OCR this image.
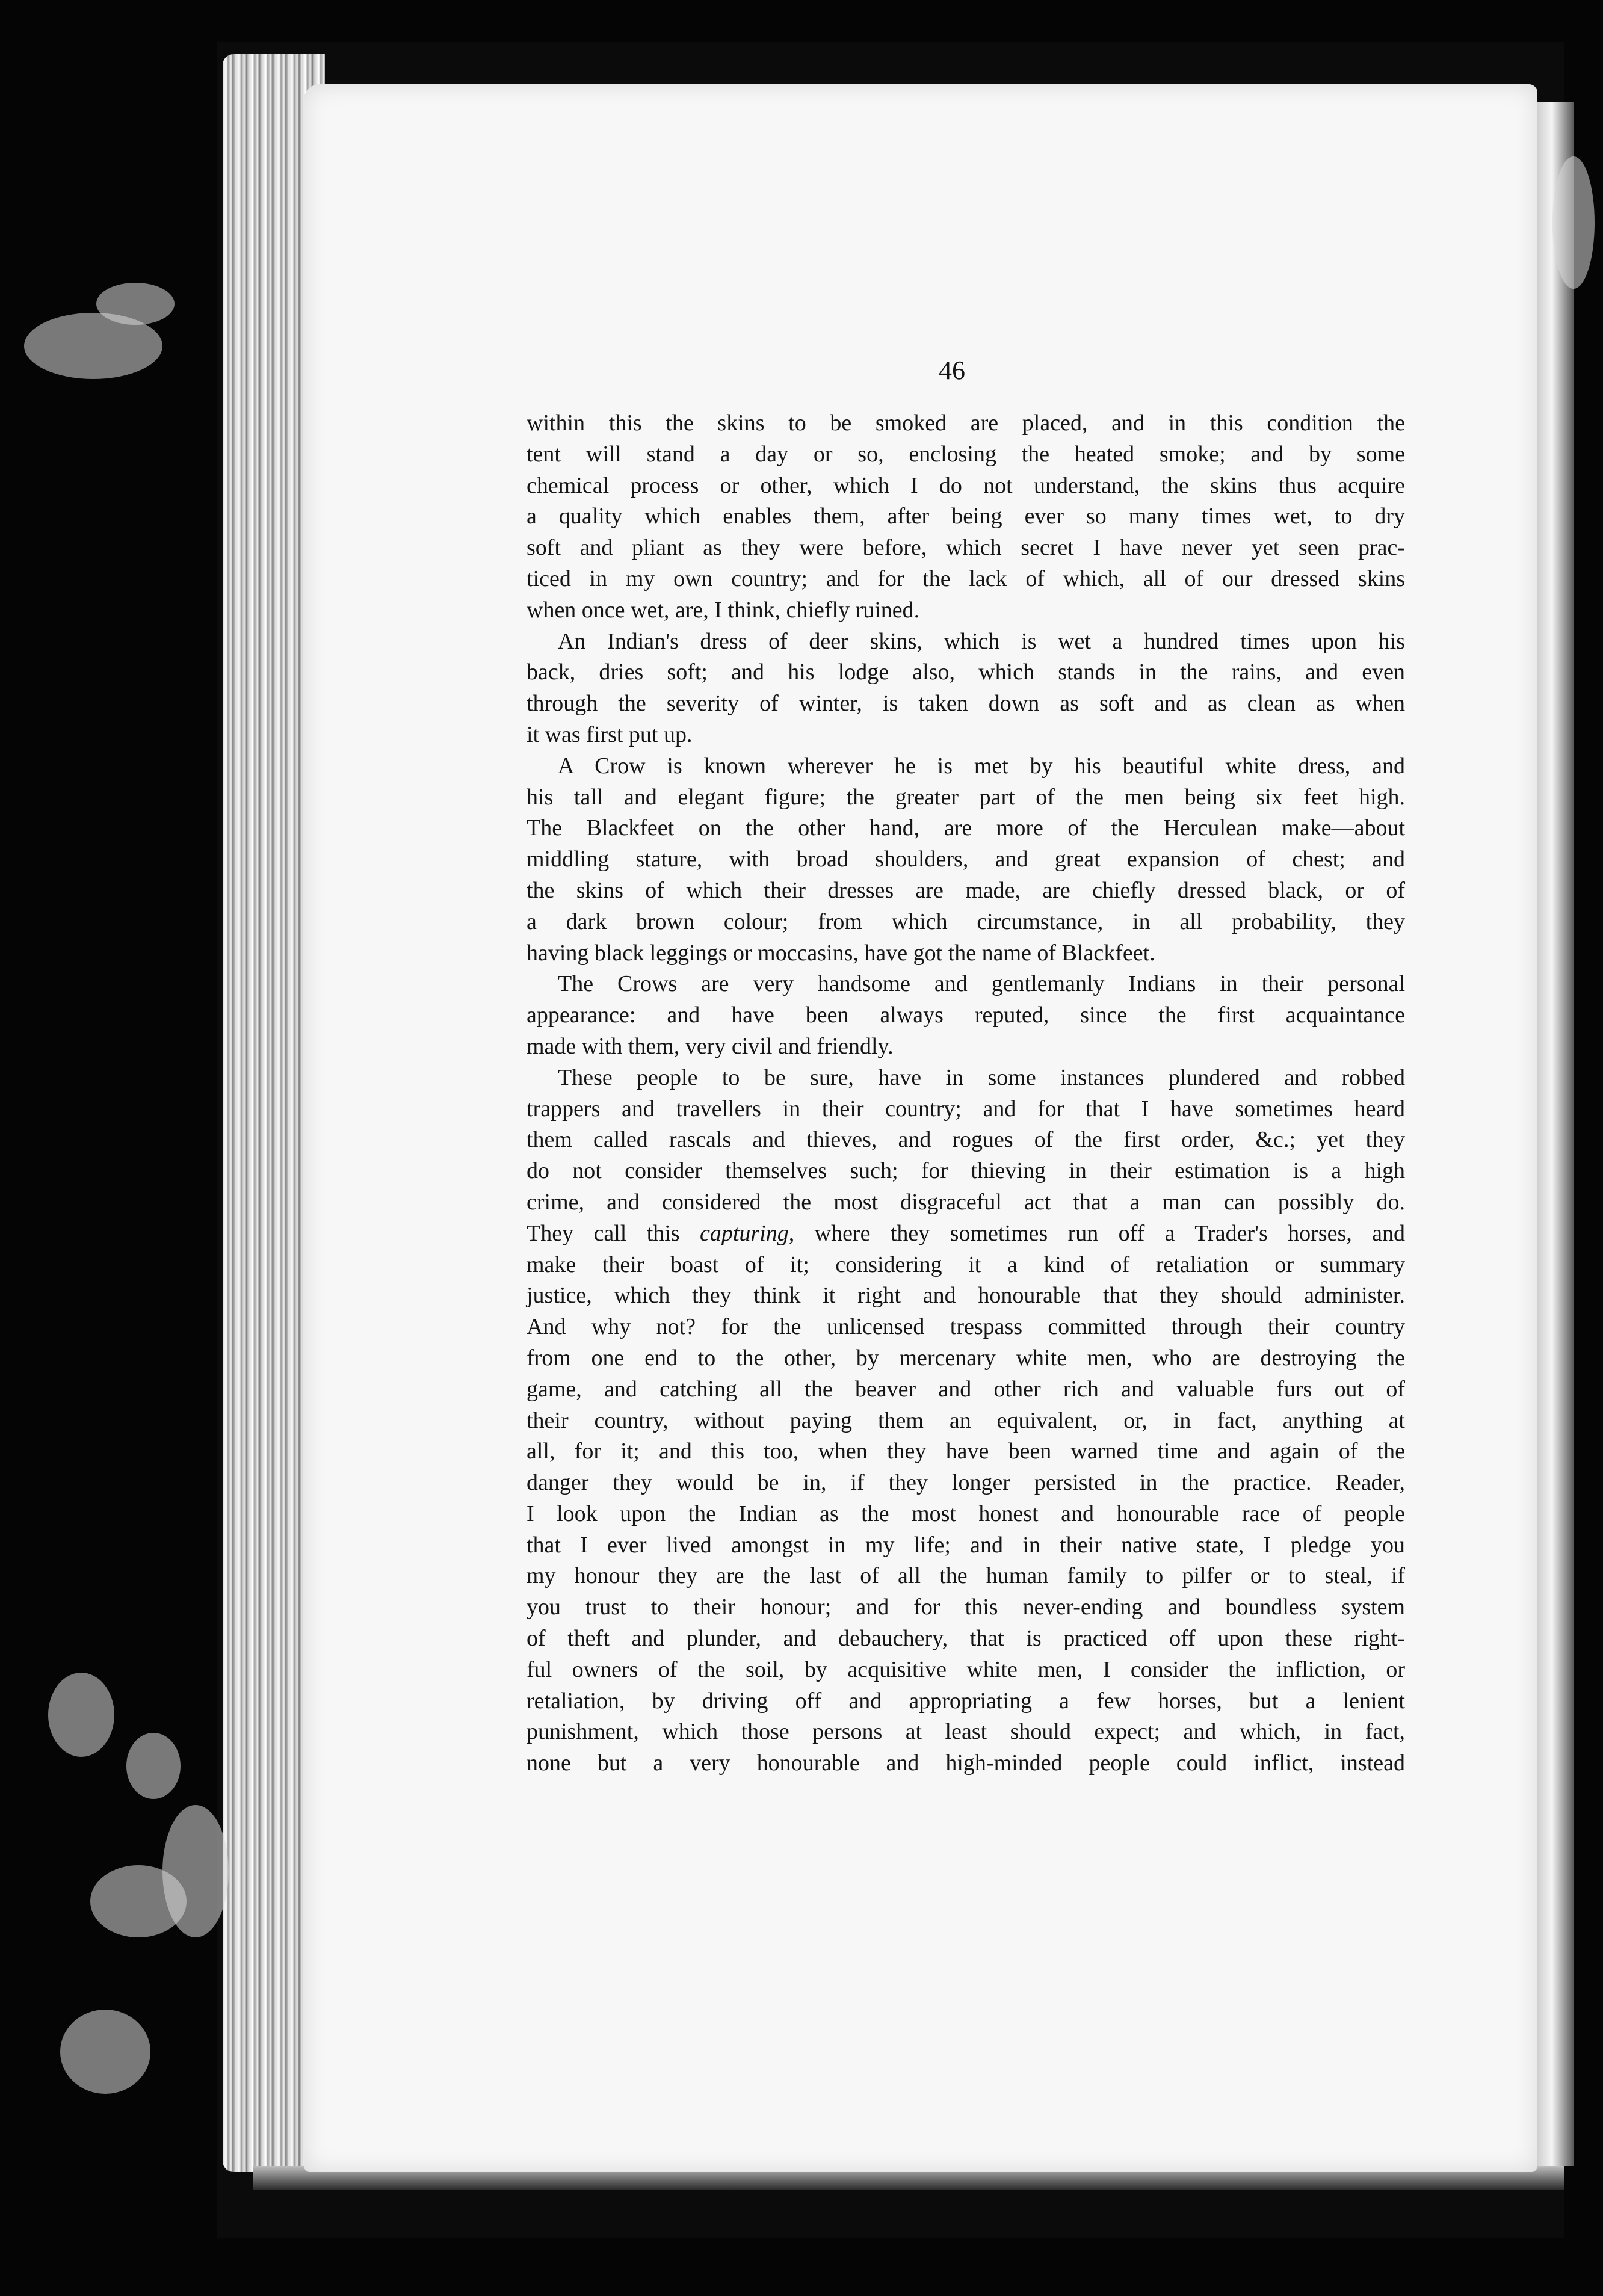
46
within this the skins to be smoked are placed, and in this condition the
tent will stand a day or so, enclosing the heated smoke; and by some
chemical process or other, which I do not understand, the skins thus acquire
a quality which enables them, after being ever so many times wet, to dry
soft and pliant as they were before, which secret I have never yet seen prac-
ticed in my own country; and for the lack of which, all of our dressed skins
when once wet, are, I think, chiefly ruined.
An Indian's dress of deer skins, which is wet a hundred times upon his
back, dries soft; and his lodge also, which stands in the rains, and even
through the severity of winter, is taken down as soft and as clean as when
it was first put up.
A Crow is known wherever he is met by his beautiful white dress, and
his tall and elegant figure; the greater part of the men being six feet high.
The Blackfeet on the other hand, are more of the Herculean make—about
middling stature, with broad shoulders, and great expansion of chest; and
the skins of which their dresses are made, are chiefly dressed black, or of
a dark brown colour; from which circumstance, in all probability, they
having black leggings or moccasins, have got the name of Blackfeet.
The Crows are very handsome and gentlemanly Indians in their personal
appearance: and have been always reputed, since the first acquaintance
made with them, very civil and friendly.
These people to be sure, have in some instances plundered and robbed
trappers and travellers in their country; and for that I have sometimes heard
them called rascals and thieves, and rogues of the first order, &c.; yet they
do not consider themselves such; for thieving in their estimation is a high
crime, and considered the most disgraceful act that a man can possibly do.
They call this capturing, where they sometimes run off a Trader's horses, and
make their boast of it; considering it a kind of retaliation or summary
justice, which they think it right and honourable that they should administer.
And why not? for the unlicensed trespass committed through their country
from one end to the other, by mercenary white men, who are destroying the
game, and catching all the beaver and other rich and valuable furs out of
their country, without paying them an equivalent, or, in fact, anything at
all, for it; and this too, when they have been warned time and again of the
danger they would be in, if they longer persisted in the practice. Reader,
I look upon the Indian as the most honest and honourable race of people
that I ever lived amongst in my life; and in their native state, I pledge you
my honour they are the last of all the human family to pilfer or to steal, if
you trust to their honour; and for this never-ending and boundless system
of theft and plunder, and debauchery, that is practiced off upon these right-
ful owners of the soil, by acquisitive white men, I consider the infliction, or
retaliation, by driving off and appropriating a few horses, but a lenient
punishment, which those persons at least should expect; and which, in fact,
none but a very honourable and high-minded people could inflict, instead
